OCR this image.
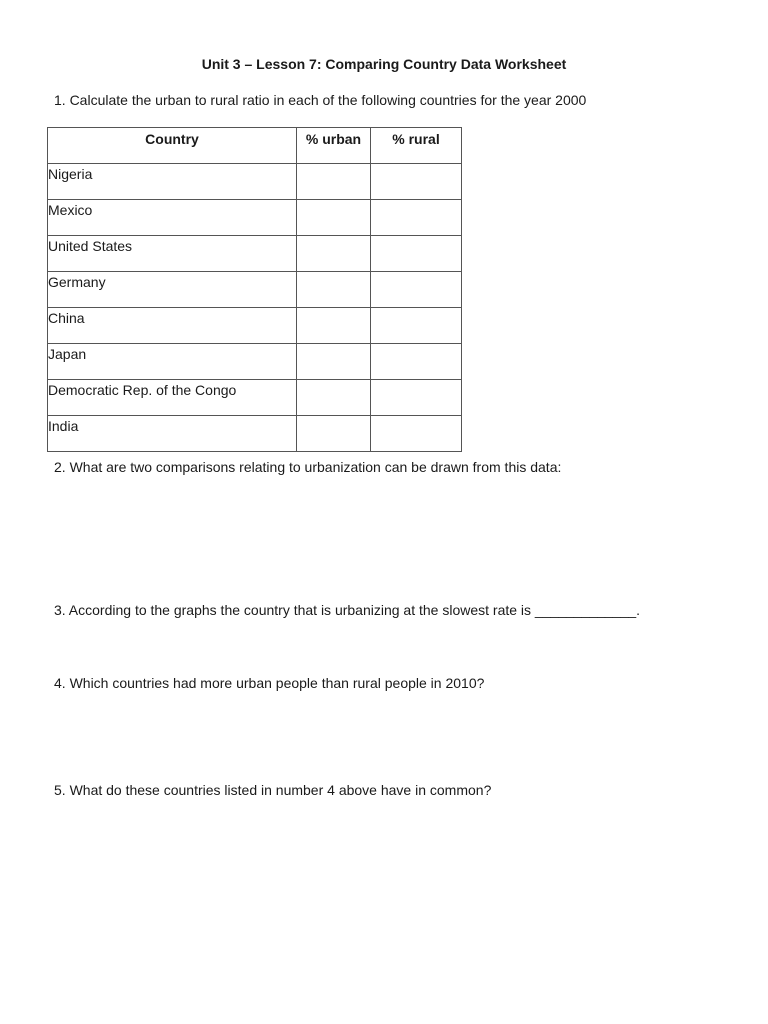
Unit 3 – Lesson 7: Comparing Country Data Worksheet
1. Calculate the urban to rural ratio in each of the following countries for the year 2000
Country	% urban	% rural
Nigeria		
Mexico		
United States		
Germany		
China		
Japan		
Democratic Rep. of the Congo		
India		
2. What are two comparisons relating to urbanization can be drawn from this data:
3. According to the graphs the country that is urbanizing at the slowest rate is _____________.
4. Which countries had more urban people than rural people in 2010?
5. What do these countries listed in number 4 above have in common?
